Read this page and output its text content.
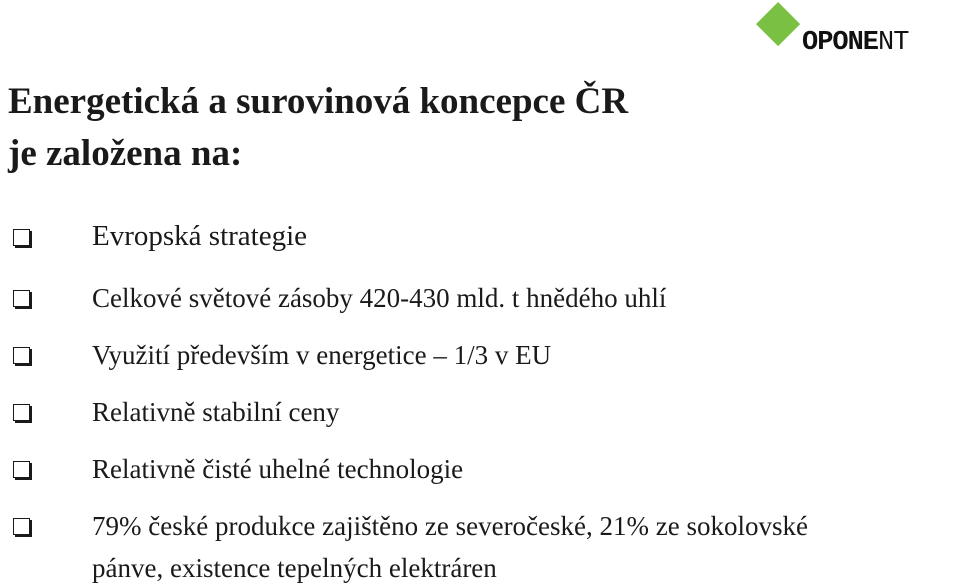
OPONENT
Energetická a surovinová koncepce ČR
je založena na:
Evropská strategie
Celkové světové zásoby 420-430 mld. t hnědého uhlí
Využití především v energetice – 1/3 v EU
Relativně stabilní ceny
Relativně čisté uhelné technologie
79% české produkce zajištěno ze severočeské, 21% ze sokolovské pánve, existence tepelných elektráren
